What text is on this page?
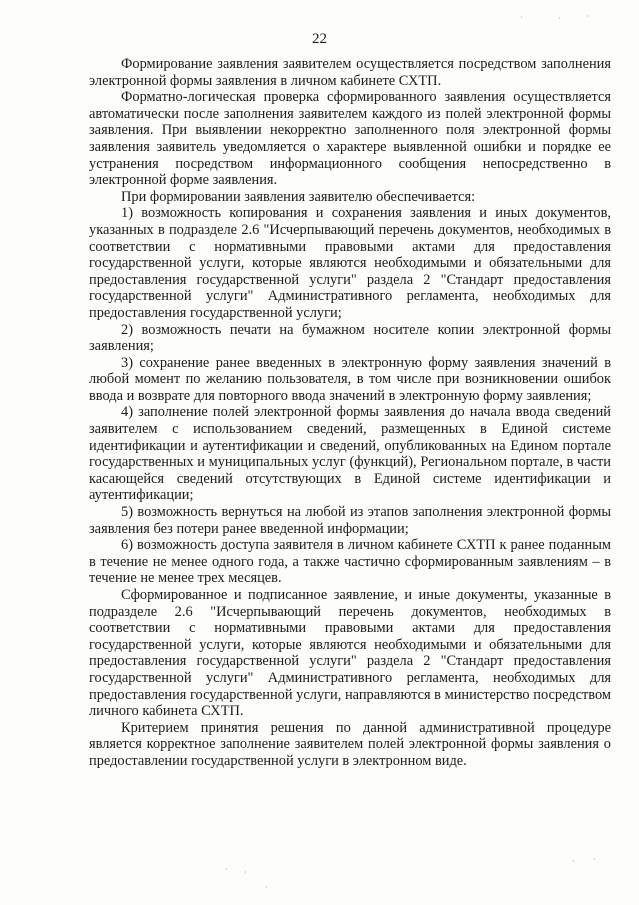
22

Формирование заявления заявителем осуществляется посредством заполнения электронной формы заявления в личном кабинете СХТП.

Форматно-логическая проверка сформированного заявления осуществляется автоматически после заполнения заявителем каждого из полей электронной формы заявления. При выявлении некорректно заполненного поля электронной формы заявления заявитель уведомляется о характере выявленной ошибки и порядке ее устранения посредством информационного сообщения непосредственно в электронной форме заявления.

При формировании заявления заявителю обеспечивается:

1) возможность копирования и сохранения заявления и иных документов, указанных в подразделе 2.6 "Исчерпывающий перечень документов, необходимых в соответствии с нормативными правовыми актами для предоставления государственной услуги, которые являются необходимыми и обязательными для предоставления государственной услуги" раздела 2 "Стандарт предоставления государственной услуги" Административного регламента, необходимых для предоставления государственной услуги;

2) возможность печати на бумажном носителе копии электронной формы заявления;

3) сохранение ранее введенных в электронную форму заявления значений в любой момент по желанию пользователя, в том числе при возникновении ошибок ввода и возврате для повторного ввода значений в электронную форму заявления;

4) заполнение полей электронной формы заявления до начала ввода сведений заявителем с использованием сведений, размещенных в Единой системе идентификации и аутентификации и сведений, опубликованных на Едином портале государственных и муниципальных услуг (функций), Региональном портале, в части касающейся сведений отсутствующих в Единой системе идентификации и аутентификации;

5) возможность вернуться на любой из этапов заполнения электронной формы заявления без потери ранее введенной информации;

6) возможность доступа заявителя в личном кабинете СХТП к ранее поданным в течение не менее одного года, а также частично сформированным заявлениям – в течение не менее трех месяцев.

Сформированное и подписанное заявление, и иные документы, указанные в подразделе 2.6 "Исчерпывающий перечень документов, необходимых в соответствии с нормативными правовыми актами для предоставления государственной услуги, которые являются необходимыми и обязательными для предоставления государственной услуги" раздела 2 "Стандарт предоставления государственной услуги" Административного регламента, необходимых для предоставления государственной услуги, направляются в министерство посредством личного кабинета СХТП.

Критерием принятия решения по данной административной процедуре является корректное заполнение заявителем полей электронной формы заявления о предоставлении государственной услуги в электронном виде.

·	·	·
· ·
· ·
·
